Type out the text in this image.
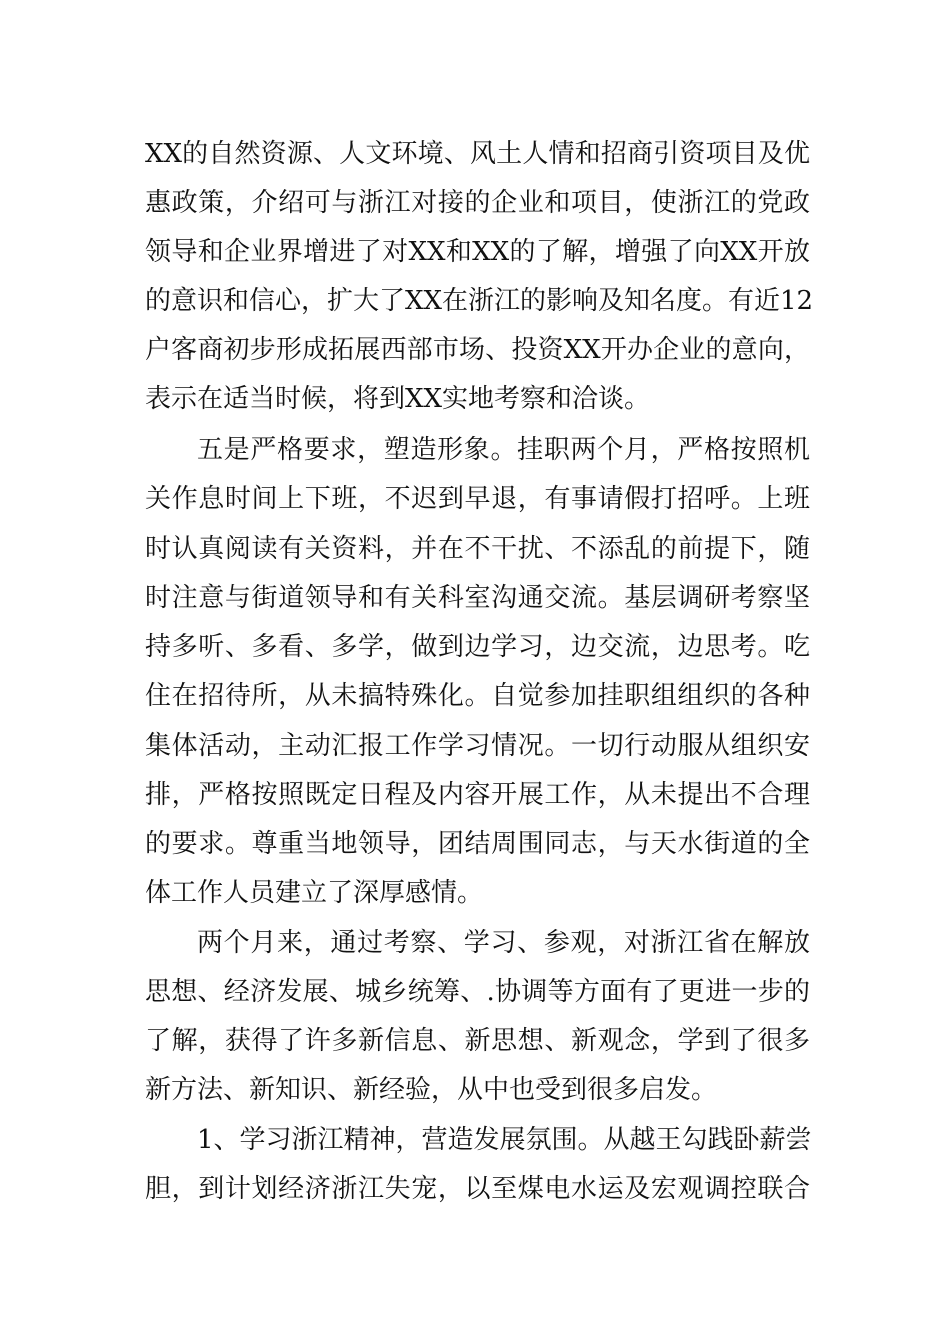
XX的自然资源、人文环境、风土人情和招商引资项目及优
惠政策，介绍可与浙江对接的企业和项目，使浙江的党政
领导和企业界增进了对XX和XX的了解，增强了向XX开放
的意识和信心，扩大了XX在浙江的影响及知名度。有近12
户客商初步形成拓展西部市场、投资XX开办企业的意向，
表示在适当时候，将到XX实地考察和洽谈。
五是严格要求，塑造形象。挂职两个月，严格按照机
关作息时间上下班，不迟到早退，有事请假打招呼。上班
时认真阅读有关资料，并在不干扰、不添乱的前提下，随
时注意与街道领导和有关科室沟通交流。基层调研考察坚
持多听、多看、多学，做到边学习，边交流，边思考。吃
住在招待所，从未搞特殊化。自觉参加挂职组组织的各种
集体活动，主动汇报工作学习情况。一切行动服从组织安
排，严格按照既定日程及内容开展工作，从未提出不合理
的要求。尊重当地领导，团结周围同志，与天水街道的全
体工作人员建立了深厚感情。
两个月来，通过考察、学习、参观，对浙江省在解放
思想、经济发展、城乡统筹、.协调等方面有了更进一步的
了解，获得了许多新信息、新思想、新观念，学到了很多
新方法、新知识、新经验，从中也受到很多启发。
1、学习浙江精神，营造发展氛围。从越王勾践卧薪尝
胆，到计划经济浙江失宠，以至煤电水运及宏观调控联合
